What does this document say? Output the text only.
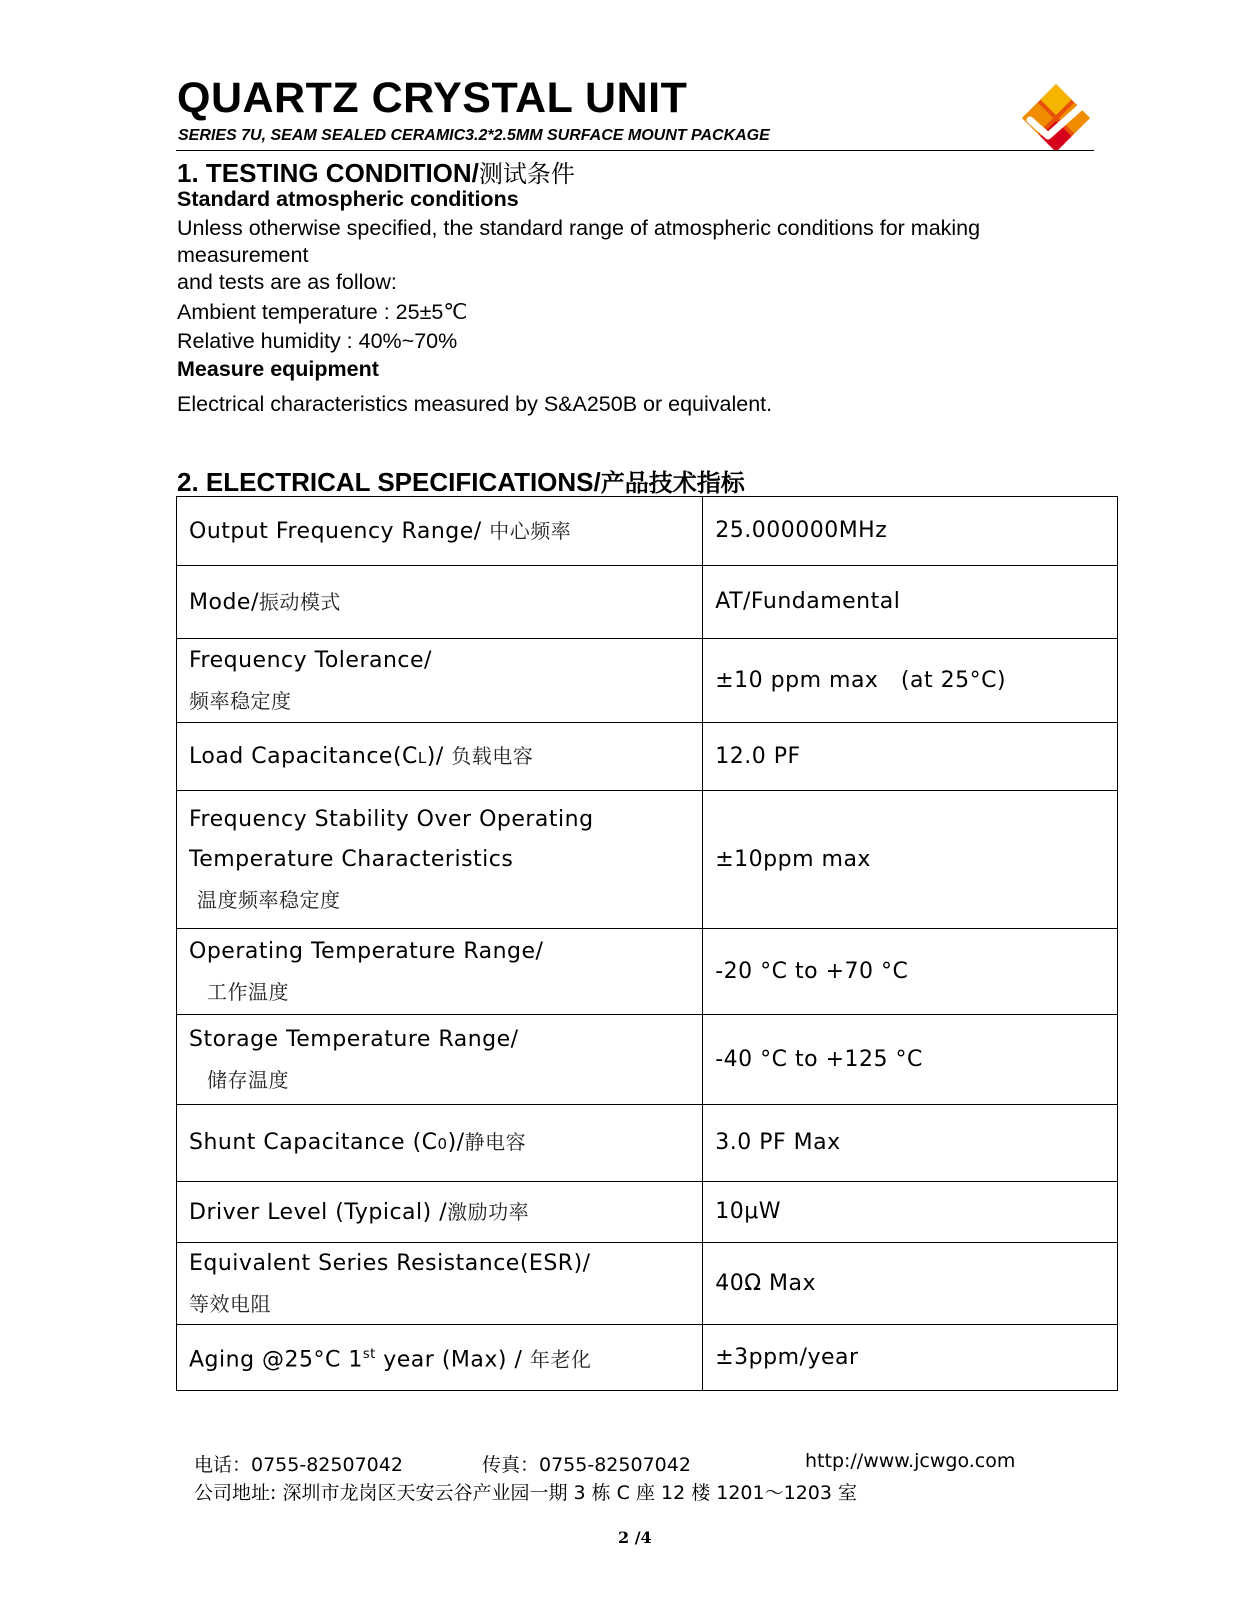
QUARTZ CRYSTAL UNIT
SERIES 7U, SEAM SEALED CERAMIC3.2*2.5MM SURFACE MOUNT PACKAGE
1. TESTING CONDITION/测试条件
Standard atmospheric conditions
Unless otherwise specified, the standard range of atmospheric conditions for making
measurement
and tests are as follow:
Ambient temperature : 25±5℃
Relative humidity : 40%~70%
Measure equipment
Electrical characteristics measured by S&A250B or equivalent.
2. ELECTRICAL SPECIFICATIONS/产品技术指标
Output Frequency Range/ 中心频率	25.000000MHz
Mode/振动模式	AT/Fundamental

Frequency Tolerance/
频率稳定度	±10 ppm max   (at 25°C)
Load Capacitance(CL)/ 负载电容	12.0 PF

Frequency Stability Over Operating
Temperature Characteristics
温度频率稳定度	±10ppm max

Operating Temperature Range/
工作温度	-20 °C to +70 °C

Storage Temperature Range/
储存温度	-40 °C to +125 °C
Shunt Capacitance (C0)/静电容	3.0 PF Max
Driver Level (Typical) /激励功率	10μW

Equivalent Series Resistance(ESR)/
等效电阻	40Ω Max
Aging @25°C 1st year (Max) / 年老化	±3ppm/year
电话：0755-82507042	传真：0755-82507042	http://www.jcwgo.com
公司地址: 深圳市龙岗区天安云谷产业园一期 3 栋 C 座 12 楼 1201～1203 室
2 /4
